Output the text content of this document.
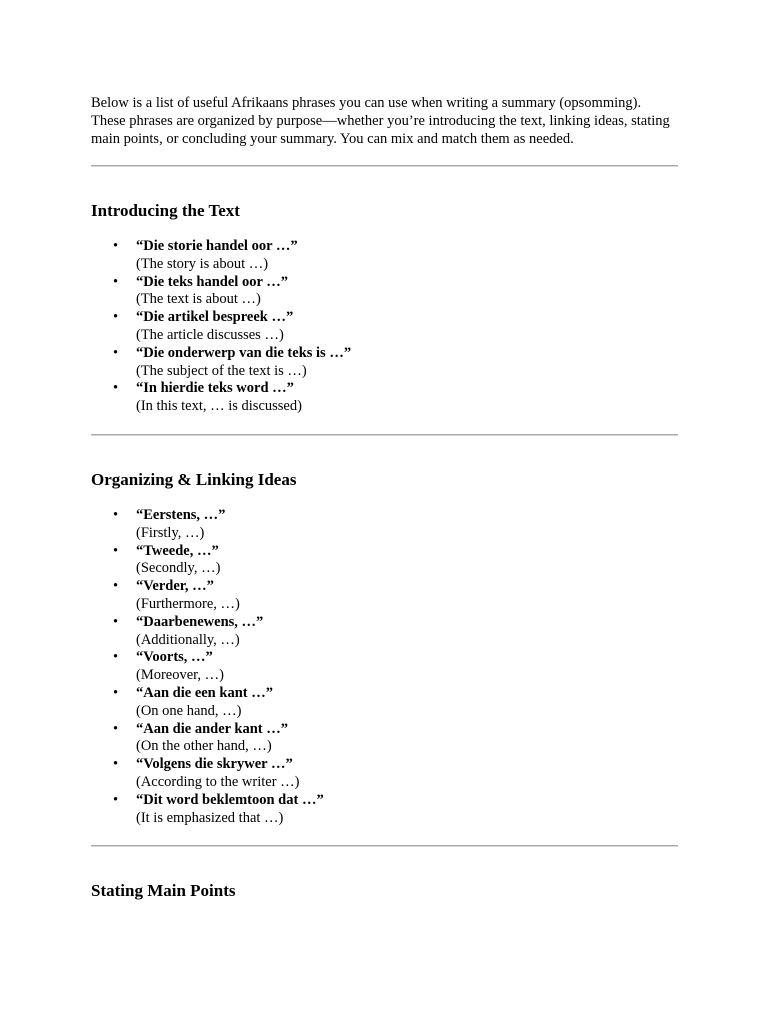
Below is a list of useful Afrikaans phrases you can use when writing a summary (opsomming). These phrases are organized by purpose—whether you’re introducing the text, linking ideas, stating main points, or concluding your summary. You can mix and match them as needed.

Introducing the Text
• “Die storie handel oor …”
(The story is about …)
• “Die teks handel oor …”
(The text is about …)
• “Die artikel bespreek …”
(The article discusses …)
• “Die onderwerp van die teks is …”
(The subject of the text is …)
• “In hierdie teks word …”
(In this text, … is discussed)
Organizing & Linking Ideas
• “Eerstens, …”
(Firstly, …)
• “Tweede, …”
(Secondly, …)
• “Verder, …”
(Furthermore, …)
• “Daarbenewens, …”
(Additionally, …)
• “Voorts, …”
(Moreover, …)
• “Aan die een kant …”
(On one hand, …)
• “Aan die ander kant …”
(On the other hand, …)
• “Volgens die skrywer …”
(According to the writer …)
• “Dit word beklemtoon dat …”
(It is emphasized that …)
Stating Main Points
